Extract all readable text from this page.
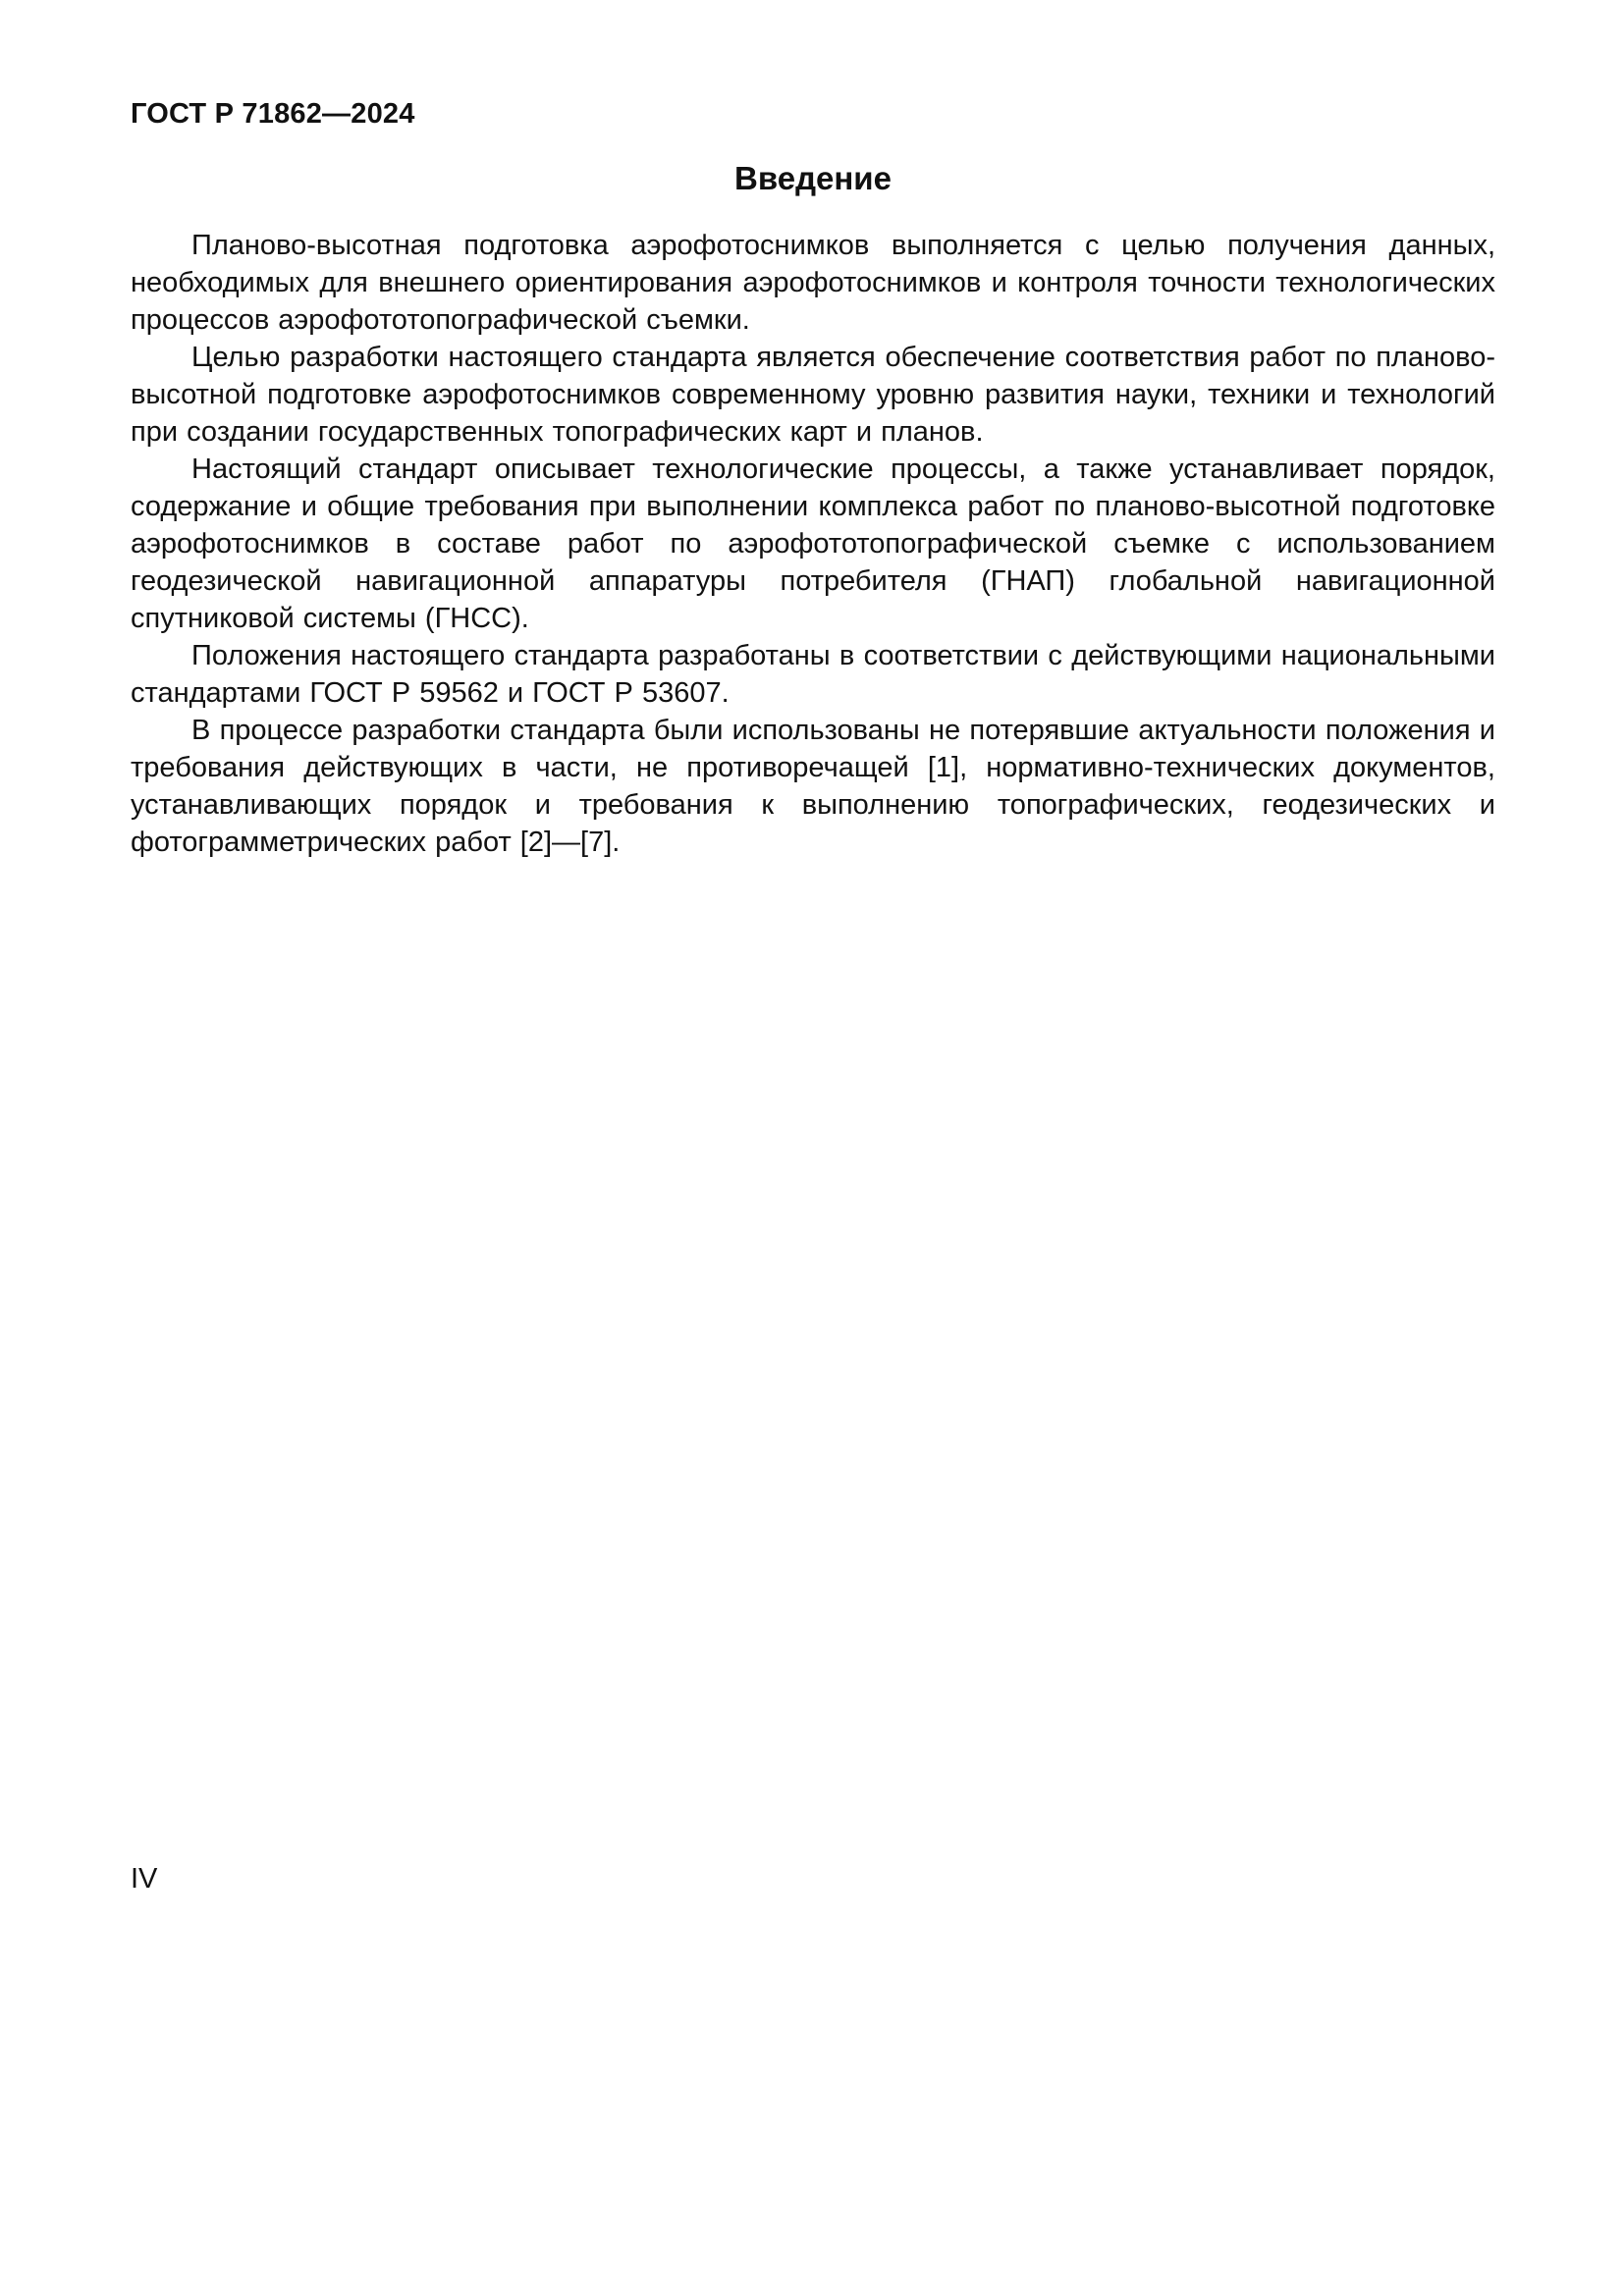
ГОСТ Р 71862—2024
Введение

Планово-высотная подготовка аэрофотоснимков выполняется с целью получения данных, необходимых для внешнего ориентирования аэрофотоснимков и контроля точности технологических процессов аэрофототопографической съемки.

Целью разработки настоящего стандарта является обеспечение соответствия работ по планово-высотной подготовке аэрофотоснимков современному уровню развития науки, техники и технологий при создании государственных топографических карт и планов.

Настоящий стандарт описывает технологические процессы, а также устанавливает порядок, содержание и общие требования при выполнении комплекса работ по планово-высотной подготовке аэрофотоснимков в составе работ по аэрофототопографической съемке с использованием геодезической навигационной аппаратуры потребителя (ГНАП) глобальной навигационной спутниковой системы (ГНСС).

Положения настоящего стандарта разработаны в соответствии с действующими национальными стандартами ГОСТ Р 59562 и ГОСТ Р 53607.

В процессе разработки стандарта были использованы не потерявшие актуальности положения и требования действующих в части, не противоречащей [1], нормативно-технических документов, устанавливающих порядок и требования к выполнению топографических, геодезических и фотограмметрических работ [2]—[7].

IV
